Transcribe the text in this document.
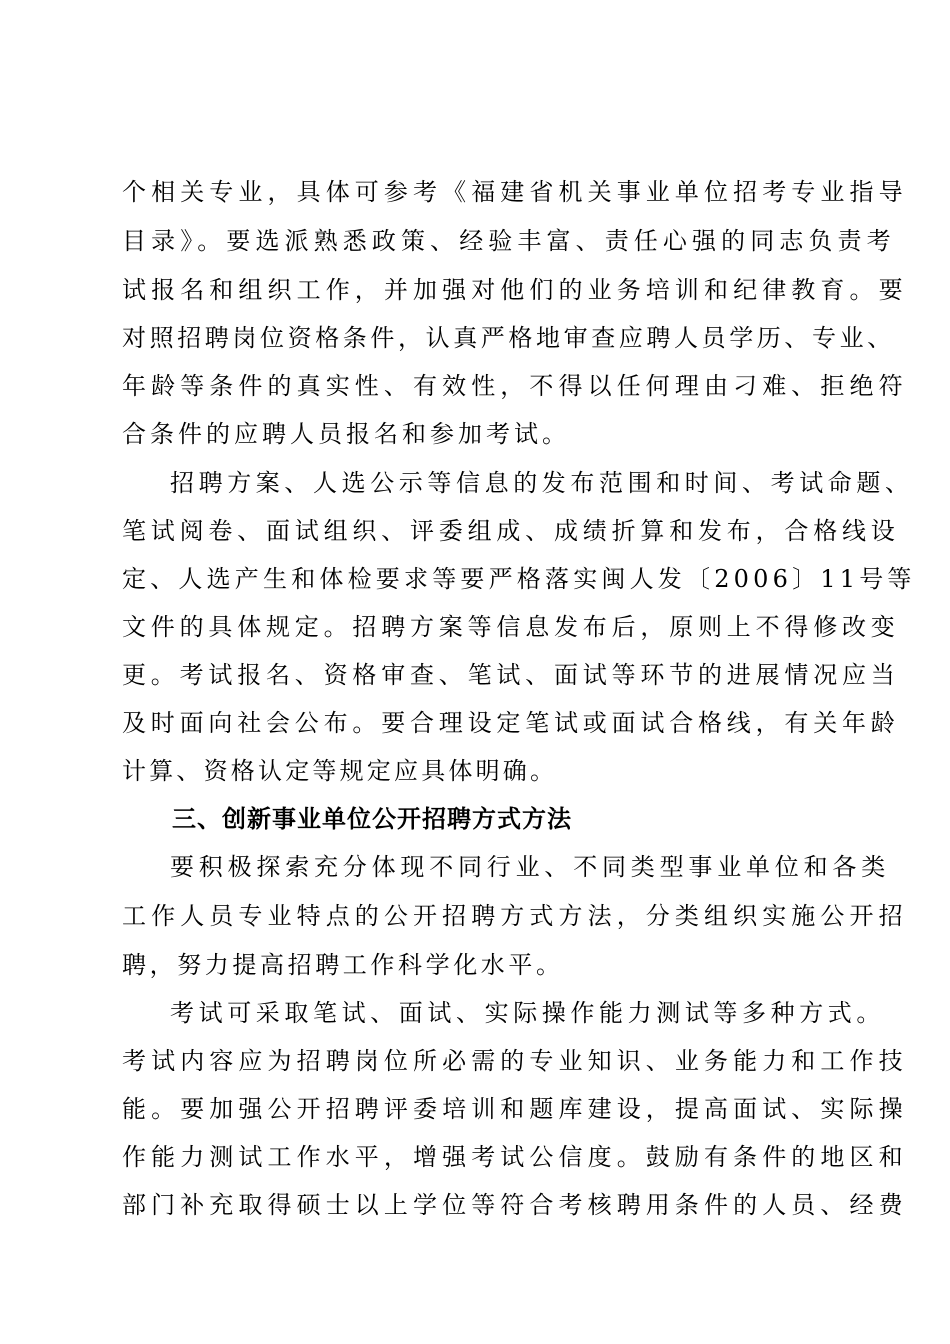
个相关专业，具体可参考《福建省机关事业单位招考专业指导
目录》。要选派熟悉政策、经验丰富、责任心强的同志负责考
试报名和组织工作，并加强对他们的业务培训和纪律教育。要
对照招聘岗位资格条件，认真严格地审查应聘人员学历、专业、
年龄等条件的真实性、有效性，不得以任何理由刁难、拒绝符
合条件的应聘人员报名和参加考试。
招聘方案、人选公示等信息的发布范围和时间、考试命题、
笔试阅卷、面试组织、评委组成、成绩折算和发布，合格线设
定、人选产生和体检要求等要严格落实闽人发〔2006〕11号等
文件的具体规定。招聘方案等信息发布后，原则上不得修改变
更。考试报名、资格审查、笔试、面试等环节的进展情况应当
及时面向社会公布。要合理设定笔试或面试合格线，有关年龄
计算、资格认定等规定应具体明确。
三、创新事业单位公开招聘方式方法
要积极探索充分体现不同行业、不同类型事业单位和各类
工作人员专业特点的公开招聘方式方法，分类组织实施公开招
聘，努力提高招聘工作科学化水平。
考试可采取笔试、面试、实际操作能力测试等多种方式。
考试内容应为招聘岗位所必需的专业知识、业务能力和工作技
能。要加强公开招聘评委培训和题库建设，提高面试、实际操
作能力测试工作水平，增强考试公信度。鼓励有条件的地区和
部门补充取得硕士以上学位等符合考核聘用条件的人员、经费
